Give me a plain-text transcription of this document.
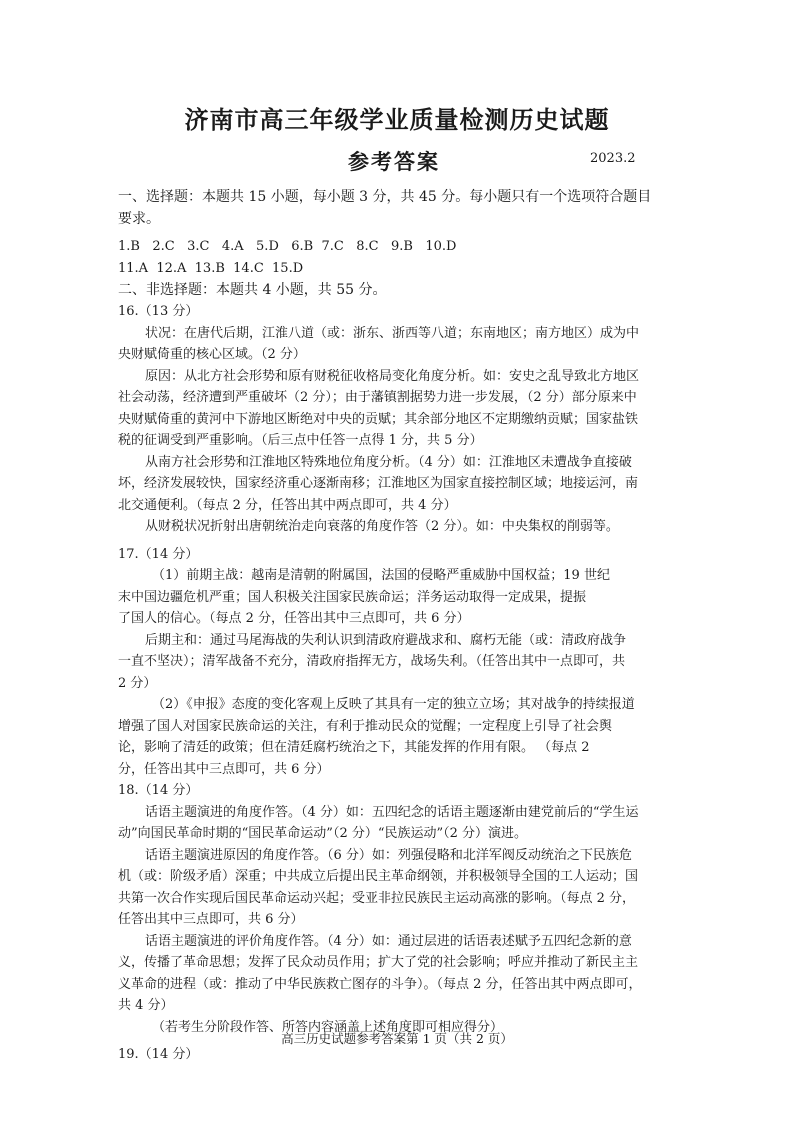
济南市高三年级学业质量检测历史试题
参考答案	2023.2
一、选择题：本题共 15 小题，每小题 3 分，共 45 分。每小题只有一个选项符合题目
要求。
1.B   2.C   3.C   4.A   5.D   6.B  7.C   8.C   9.B   10.D
11.A  12.A  13.B  14.C  15.D
二、非选择题：本题共 4 小题，共 55 分。
16.（13 分）
状况：在唐代后期，江淮八道（或：浙东、浙西等八道；东南地区；南方地区）成为中
央财赋倚重的核心区域。（2 分）
原因：从北方社会形势和原有财税征收格局变化角度分析。如：安史之乱导致北方地区
社会动荡，经济遭到严重破坏（2 分）；由于藩镇割据势力进一步发展，（2 分）部分原来中
央财赋倚重的黄河中下游地区断绝对中央的贡赋；其余部分地区不定期缴纳贡赋；国家盐铁
税的征调受到严重影响。（后三点中任答一点得 1 分，共 5 分）
从南方社会形势和江淮地区特殊地位角度分析。（4 分）如：江淮地区未遭战争直接破
坏，经济发展较快，国家经济重心逐渐南移；江淮地区为国家直接控制区域；地接运河，南
北交通便利。（每点 2 分，任答出其中两点即可，共 4 分）
从财税状况折射出唐朝统治走向衰落的角度作答（2 分）。如：中央集权的削弱等。
17.（14 分）
（1）前期主战：越南是清朝的附属国，法国的侵略严重威胁中国权益；19 世纪
末中国边疆危机严重；国人积极关注国家民族命运；洋务运动取得一定成果，提振
了国人的信心。（每点 2 分，任答出其中三点即可，共 6 分）
后期主和：通过马尾海战的失利认识到清政府避战求和、腐朽无能（或：清政府战争
一直不坚决）；清军战备不充分，清政府指挥无方，战场失利。（任答出其中一点即可，共
2 分）
（2）《申报》态度的变化客观上反映了其具有一定的独立立场；其对战争的持续报道
增强了国人对国家民族命运的关注，有利于推动民众的觉醒；一定程度上引导了社会舆
论，影响了清廷的政策；但在清廷腐朽统治之下，其能发挥的作用有限。 （每点 2
分，任答出其中三点即可，共 6 分）
18.（14 分）
话语主题演进的角度作答。（4 分）如：五四纪念的话语主题逐渐由建党前后的“学生运
动”向国民革命时期的“国民革命运动”（2 分）“民族运动”（2 分）演进。
话语主题演进原因的角度作答。（6 分）如：列强侵略和北洋军阀反动统治之下民族危
机（或：阶级矛盾）深重；中共成立后提出民主革命纲领，并积极领导全国的工人运动；国
共第一次合作实现后国民革命运动兴起；受亚非拉民族民主运动高涨的影响。（每点 2 分，
任答出其中三点即可，共 6 分）
话语主题演进的评价角度作答。（4 分）如：通过层进的话语表述赋予五四纪念新的意
义，传播了革命思想；发挥了民众动员作用；扩大了党的社会影响；呼应并推动了新民主主
义革命的进程（或：推动了中华民族救亡图存的斗争）。（每点 2 分，任答出其中两点即可，
共 4 分）
（若考生分阶段作答、所答内容涵盖上述角度即可相应得分）
19.（14 分）
高三历史试题参考答案第 1 页（共 2 页）
